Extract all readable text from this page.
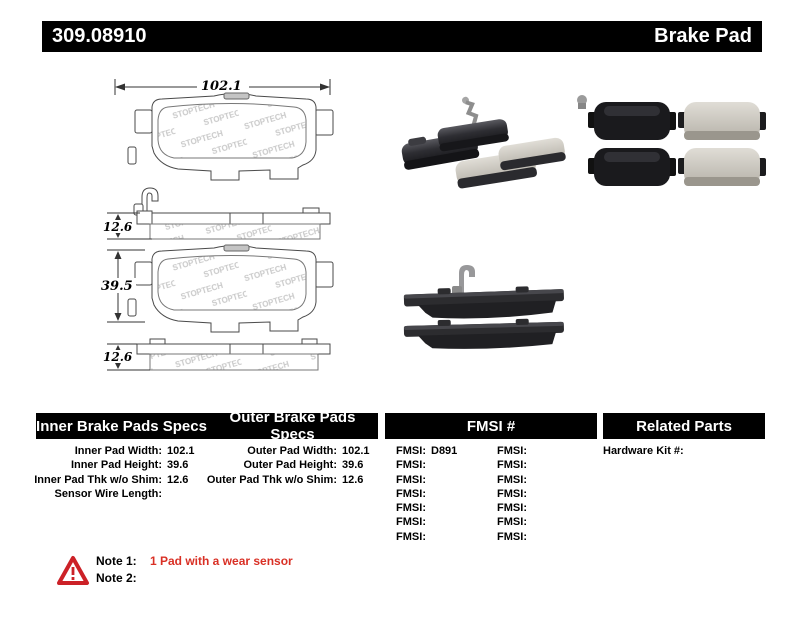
309.08910	Brake Pad
102.1
12.6
39.5
12.6
Inner Brake Pads Specs	Outer Brake Pads Specs	FMSI #	Related Parts
Inner Pad Width: 102.1
Inner Pad Height: 39.6
Inner Pad Thk w/o Shim: 12.6
Sensor Wire Length:
Outer Pad Width: 102.1
Outer Pad Height: 39.6
Outer Pad Thk w/o Shim: 12.6
FMSI: D891
FMSI:
FMSI:
FMSI:
FMSI:
FMSI:
FMSI:
FMSI:
FMSI:
FMSI:
FMSI:
FMSI:
FMSI:
FMSI:
Hardware Kit #:
Note 1:	1 Pad with a wear sensor
Note 2:
